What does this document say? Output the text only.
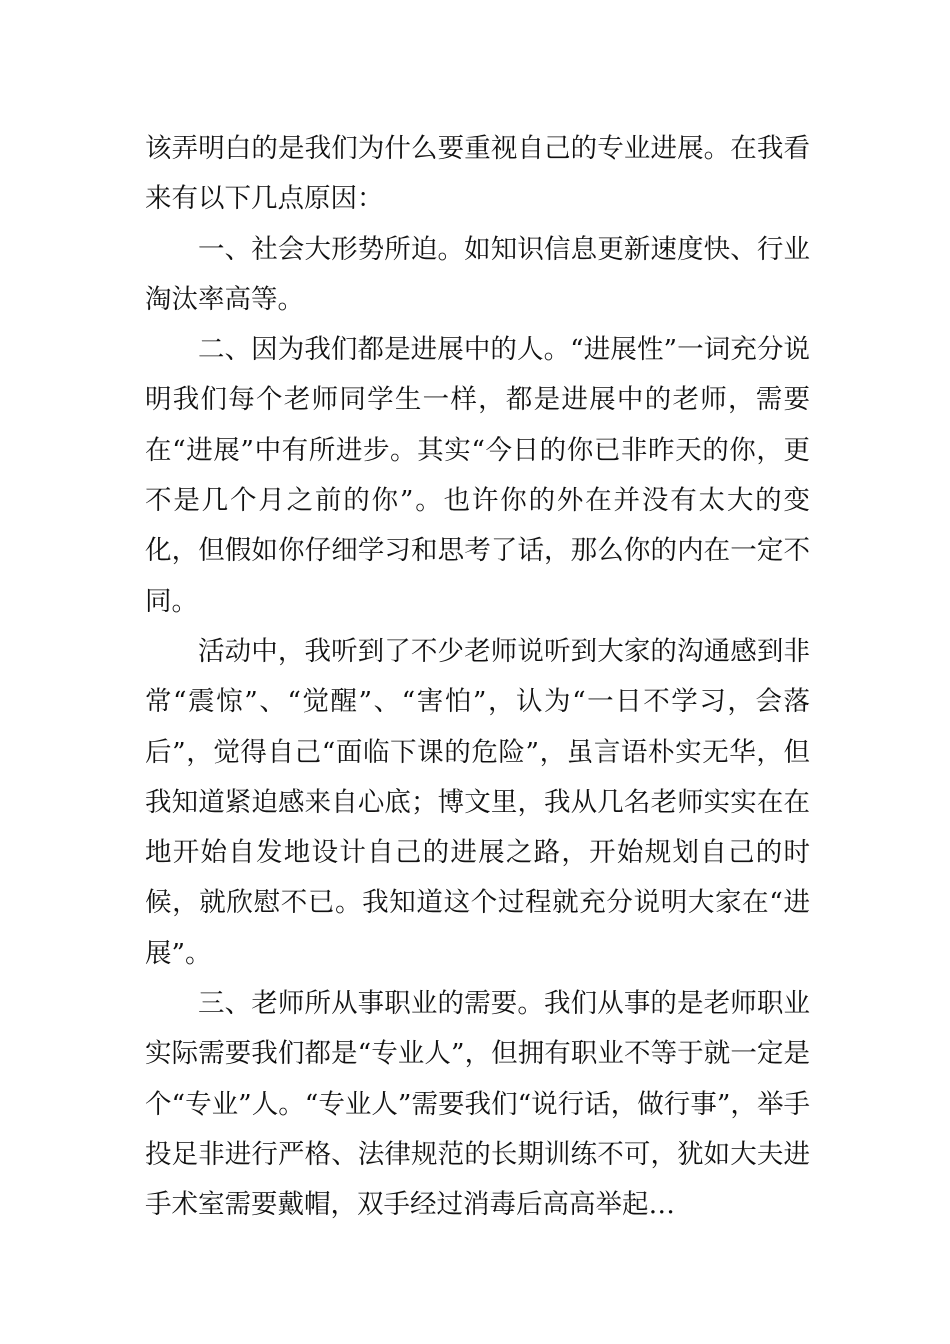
该弄明白的是我们为什么要重视自己的专业进展。在我看来有以下几点原因：

一、社会大形势所迫。如知识信息更新速度快、行业淘汰率高等。

二、因为我们都是进展中的人。“进展性”一词充分说明我们每个老师同学生一样，都是进展中的老师，需要在“进展”中有所进步。其实“今日的你已非昨天的你，更不是几个月之前的你”。也许你的外在并没有太大的变化，但假如你仔细学习和思考了话，那么你的内在一定不同。

活动中，我听到了不少老师说听到大家的沟通感到非常“震惊”、“觉醒”、“害怕”，认为“一日不学习，会落后”，觉得自己“面临下课的危险”，虽言语朴实无华，但我知道紧迫感来自心底；博文里，我从几名老师实实在在地开始自发地设计自己的进展之路，开始规划自己的时候，就欣慰不已。我知道这个过程就充分说明大家在“进展”。

三、老师所从事职业的需要。我们从事的是老师职业实际需要我们都是“专业人”，但拥有职业不等于就一定是个“专业”人。“专业人”需要我们“说行话，做行事”，举手投足非进行严格、法律规范的长期训练不可，犹如大夫进手术室需要戴帽，双手经过消毒后高高举起…
